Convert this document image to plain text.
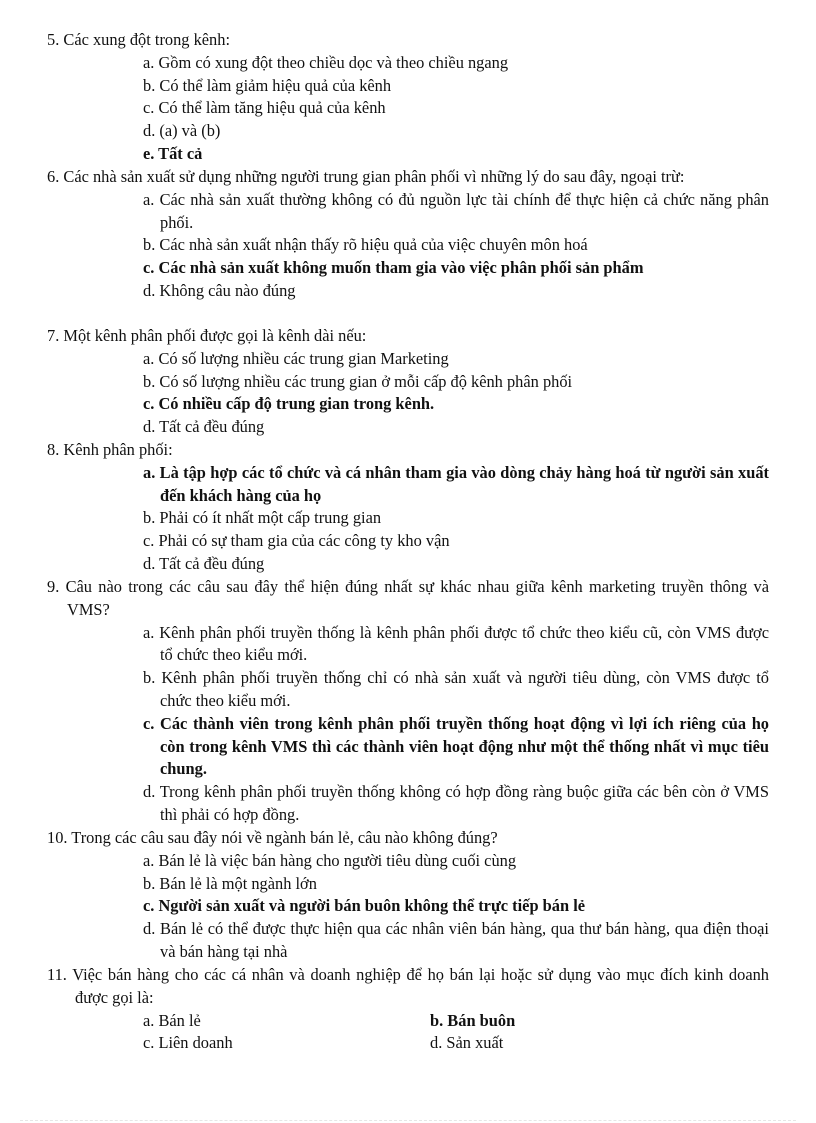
5. Các xung đột trong kênh:
a. Gồm có xung đột theo chiều dọc và theo chiều ngang
b. Có thể làm giảm hiệu quả của kênh
c. Có thể làm tăng hiệu quả của kênh
d. (a) và (b)
e. Tất cả
6. Các nhà sản xuất sử dụng những người trung gian phân phối vì những lý do sau đây, ngoại trừ:
a. Các nhà sản xuất thường không có đủ nguồn lực tài chính để thực hiện cả chức năng phân phối.
b. Các nhà sản xuất nhận thấy rõ hiệu quả của việc chuyên môn hoá
c. Các nhà sản xuất không muốn tham gia vào việc phân phối sản phẩm
d. Không câu nào đúng
7. Một kênh phân phối được gọi là kênh dài nếu:
a. Có số lượng nhiều các trung gian Marketing
b. Có số lượng nhiều các trung gian ở mỗi cấp độ kênh phân phối
c. Có nhiều cấp độ trung gian trong kênh.
d. Tất cả đều đúng
8. Kênh phân phối:
a. Là tập hợp các tổ chức và cá nhân tham gia vào dòng chảy hàng hoá từ người sản xuất đến khách hàng của họ
b. Phải có ít nhất một cấp trung gian
c. Phải có sự tham gia của các công ty kho vận
d. Tất cả đều đúng
9. Câu nào trong các câu sau đây thể hiện đúng nhất sự khác nhau giữa kênh marketing truyền thông và VMS?
a. Kênh phân phối truyền thống là kênh phân phối được tổ chức theo kiểu cũ, còn VMS được tổ chức theo kiểu mới.
b. Kênh phân phối truyền thống chỉ có nhà sản xuất và người tiêu dùng, còn VMS được tổ chức theo kiểu mới.
c. Các thành viên trong kênh phân phối truyền thống hoạt động vì lợi ích riêng của họ còn trong kênh VMS thì các thành viên hoạt động như một thể thống nhất vì mục tiêu chung.
d. Trong kênh phân phối truyền thống không có hợp đồng ràng buộc giữa các bên còn ở VMS thì phải có hợp đồng.
10. Trong các câu sau đây nói về ngành bán lẻ, câu nào không đúng?
a. Bán lẻ là việc bán hàng cho người tiêu dùng cuối cùng
b. Bán lẻ là một ngành lớn
c. Người sản xuất và người bán buôn không thể trực tiếp bán lẻ
d. Bán lẻ có thể được thực hiện qua các nhân viên bán hàng, qua thư bán hàng, qua điện thoại và bán hàng tại nhà
11. Việc bán hàng cho các cá nhân và doanh nghiệp để họ bán lại hoặc sử dụng vào mục đích kinh doanh được gọi là:
a. Bán lẻ	b. Bán buôn
c. Liên doanh	d. Sản xuất
